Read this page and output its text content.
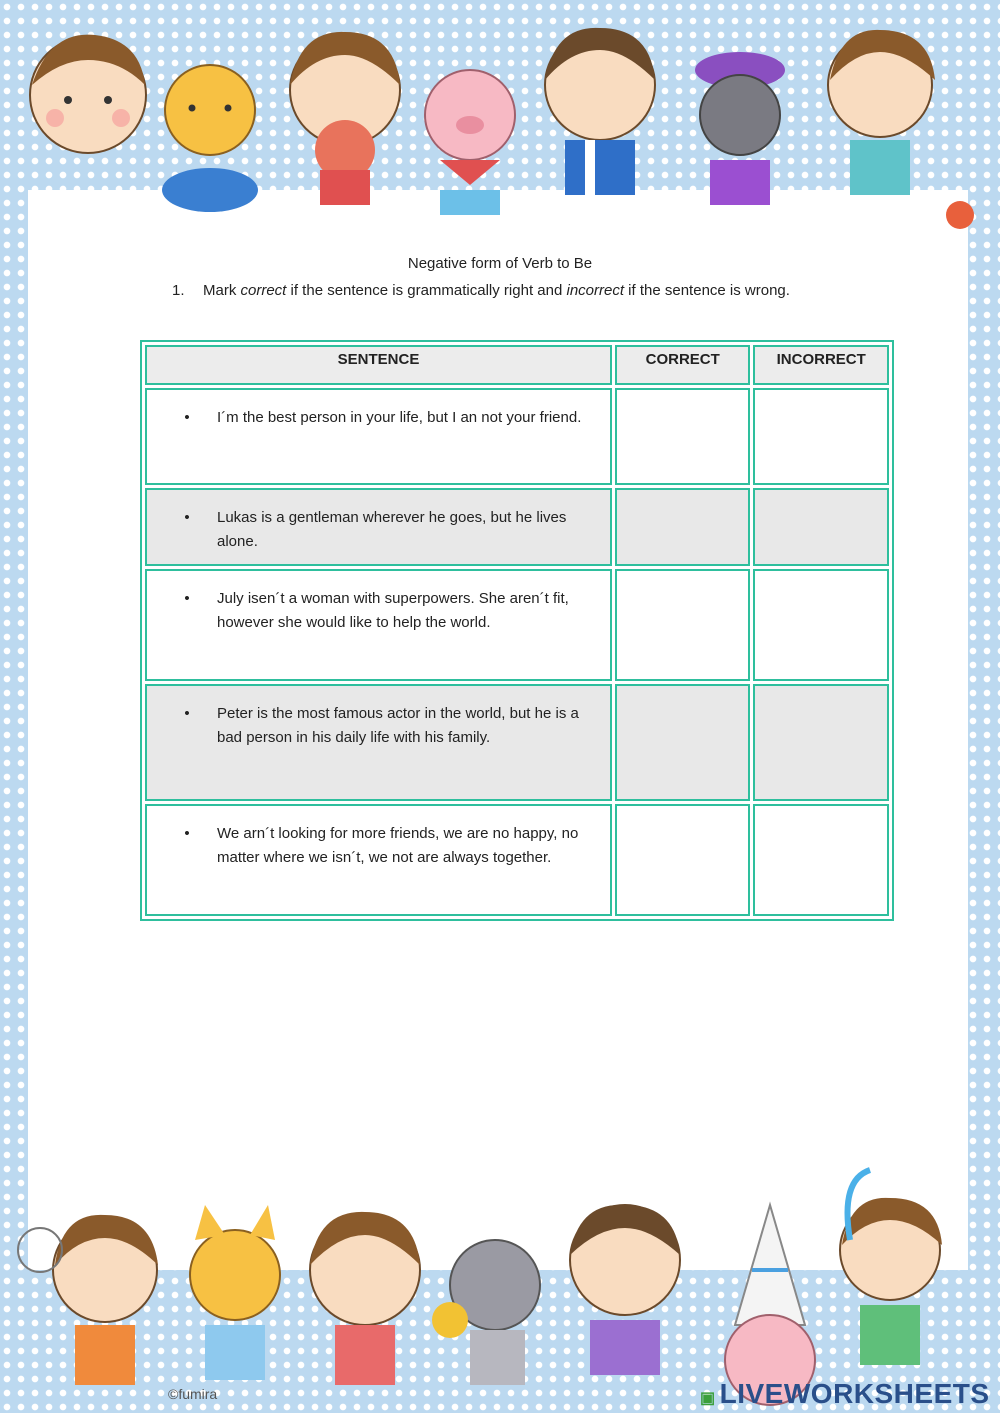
Negative form of Verb to Be
1.	Mark correct if the sentence is grammatically right and incorrect if the sentence is wrong.
SENTENCE	CORRECT	INCORRECT

• I´m the best person in your life, but I an not your friend.		

• Lukas is a gentleman wherever he goes, but he lives alone.		

• July isen´t a woman with superpowers. She aren´t fit, however she would like to help the world.		

• Peter is the most famous actor in the world, but he is a bad person in his daily life with his family.		

• We arn´t looking for more friends, we are no happy, no matter where we isn´t, we not are always together.		

©fumira	▣ LIVEWORKSHEETS
